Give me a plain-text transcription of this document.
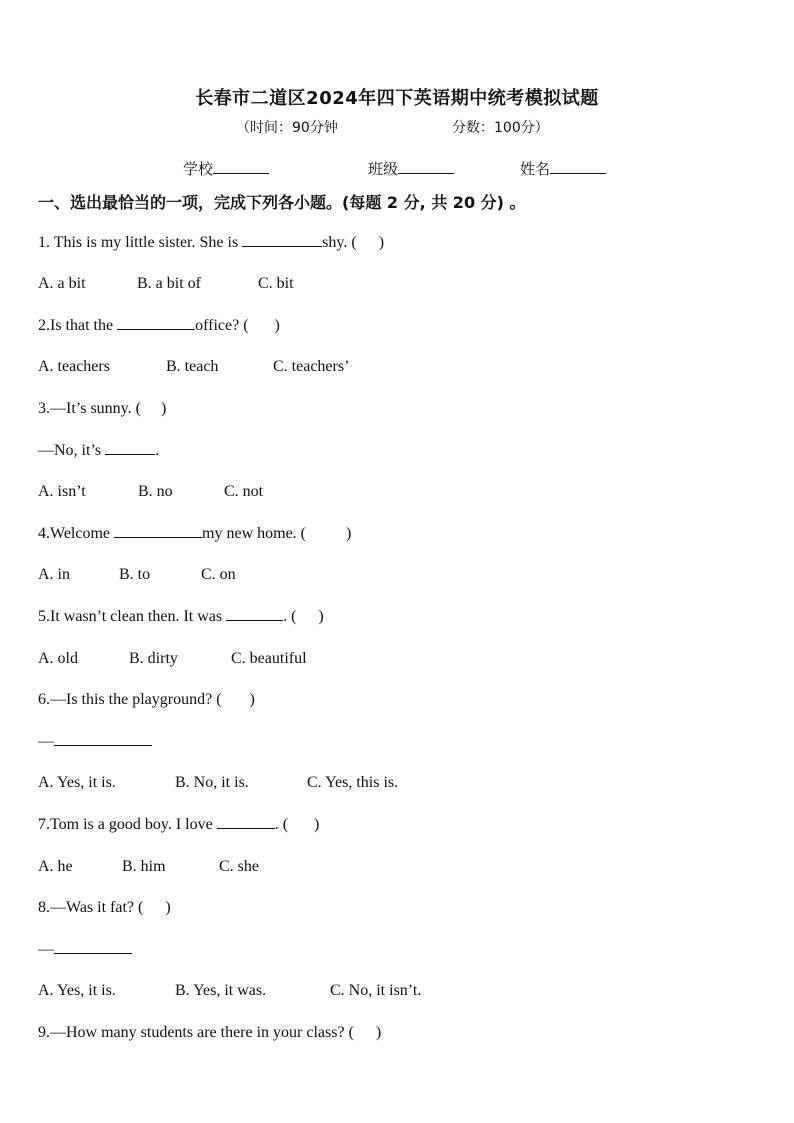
长春市二道区2024年四下英语期中统考模拟试题
（时间：90分钟	分数：100分）
学校	班级	姓名
一、选出最恰当的一项，完成下列各小题。(每题 2 分, 共 20 分) 。
1. This is my little sister. She is	shy. ( )
A. a bit	B. a bit of	C. bit
2.Is that the	office? ( )
A. teachers	B. teach	C. teachers’
3.—It’s sunny. ( )
—No, it’s	.
A. isn’t	B. no	C. not
4.Welcome	my new home. (	)
A. in	B. to	C. on
5.It wasn’t clean then. It was	. ( )
A. old	B. dirty	C. beautiful
6.—Is this the playground? ( )
—
A. Yes, it is.	B. No, it is.	C. Yes, this is.
7.Tom is a good boy. I love	. ( )
A. he	B. him	C. she
8.—Was it fat? ( )
—
A. Yes, it is.	B. Yes, it was.	C. No, it isn’t.
9.—How many students are there in your class? ( )
